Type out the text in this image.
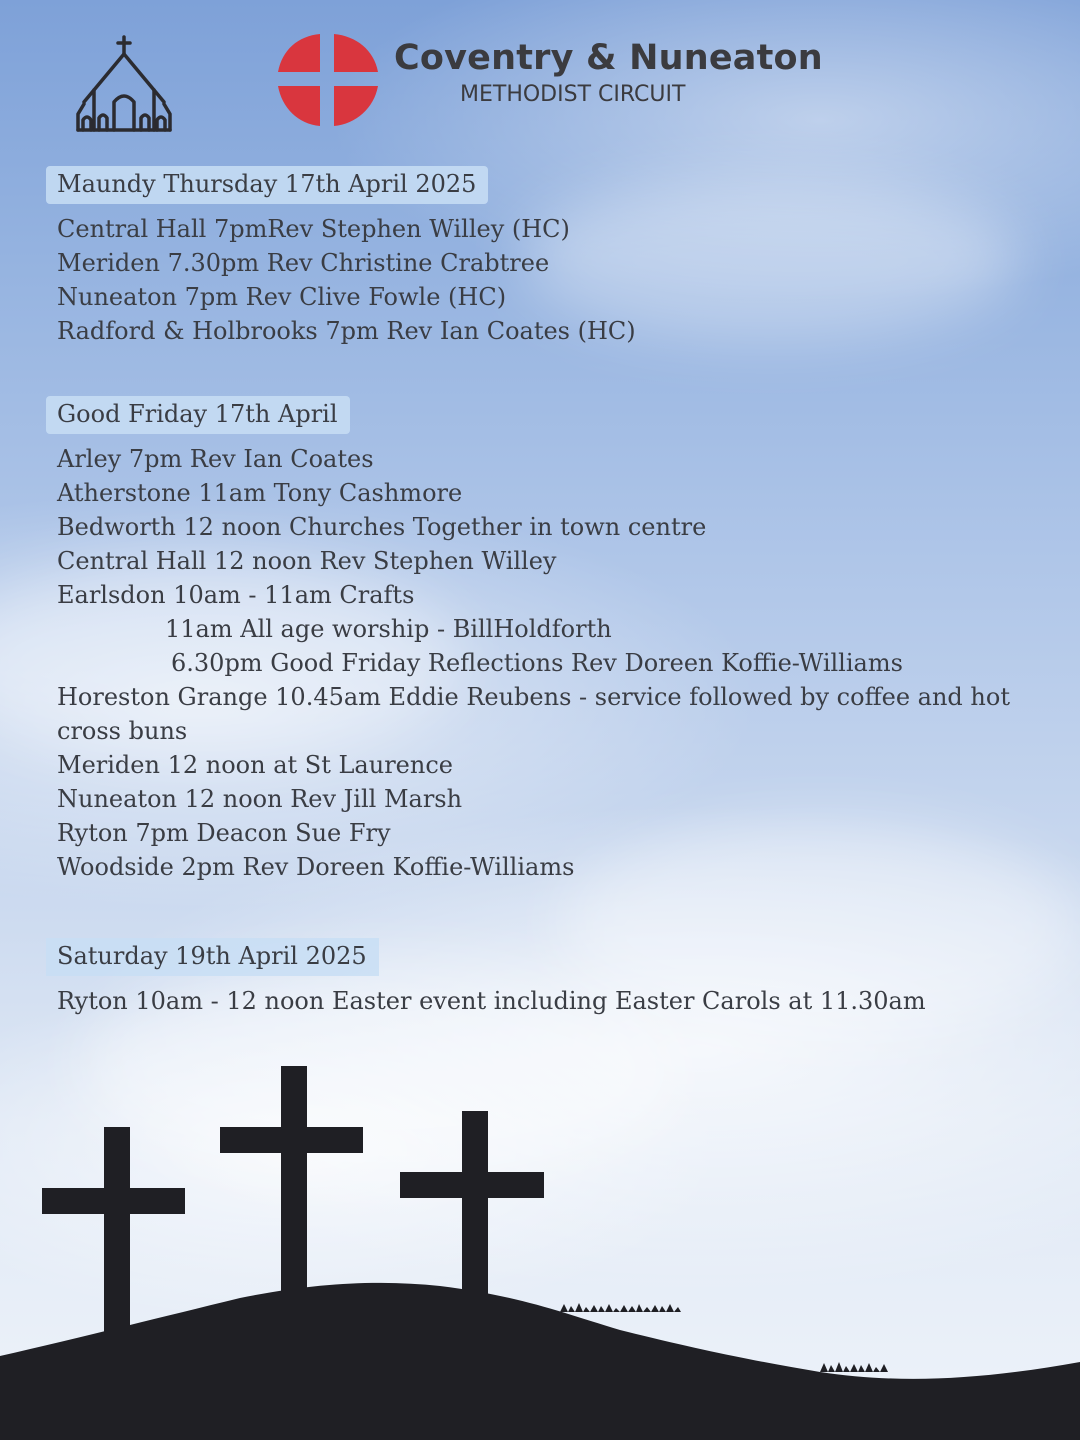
Coventry & Nuneaton
METHODIST CIRCUIT
Maundy Thursday 17th April 2025
Central Hall 7pmRev Stephen Willey (HC)
Meriden 7.30pm Rev Christine Crabtree
Nuneaton 7pm Rev Clive Fowle (HC)
Radford & Holbrooks 7pm Rev Ian Coates (HC)
Good Friday 17th April
Arley 7pm Rev Ian Coates
Atherstone 11am Tony Cashmore
Bedworth 12 noon Churches Together in town centre
Central Hall 12 noon Rev Stephen Willey
Earlsdon 10am - 11am Crafts
11am All age worship - BillHoldforth
6.30pm Good Friday Reflections Rev Doreen Koffie-Williams
Horeston Grange 10.45am Eddie Reubens - service followed by coffee and hot cross buns
Meriden 12 noon at St Laurence
Nuneaton 12 noon Rev Jill Marsh
Ryton 7pm Deacon Sue Fry
Woodside 2pm Rev Doreen Koffie-Williams
Saturday 19th April 2025
Ryton 10am - 12 noon Easter event including Easter Carols at 11.30am
